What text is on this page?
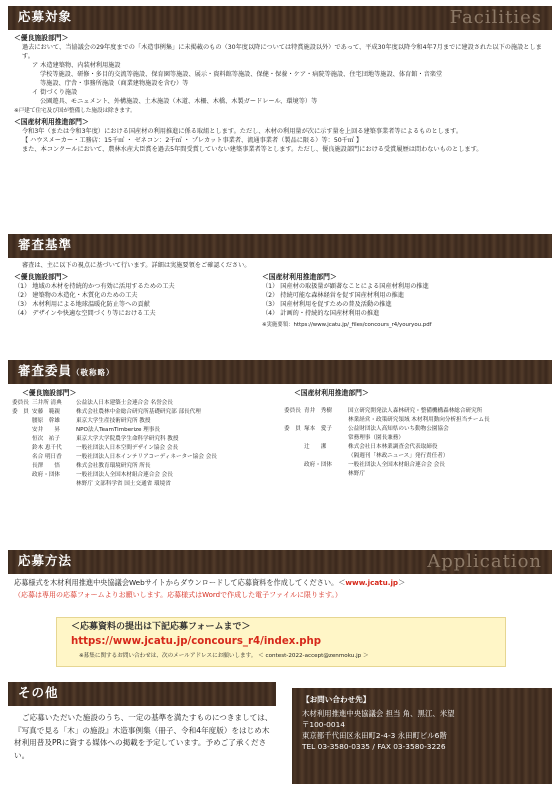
応募対象	Facilities
＜優良施設部門＞
過去において、当協議会の29年度までの「木造事例集」に未掲載のもの（30年度以降については特賞施設以外）であって、平成30年度以降令和4年7月までに建設された以下の施設とします。
ア 木造建築物、内装材利用施設
学校等施設、研修・多目的交流等施設、保育園等施設、展示・資料館等施設、保健・保養・ケア・病院等施設、住宅団地等施設、体育館・音楽堂
等施設、庁舎・事務所施設（商業建物施設を含む）等
イ 街づくり施設
公園遊具、モニュメント、外構施設、土木施設（木道、木柵、木橋、木製ガードレール、環境等）等
※戸建て住宅及び国が整備した施設は除きます。
＜国産材利用推進部門＞
令和3年（または令和3年度）における国産材の利用推進に係る取組とします。ただし、木材の利用量が次に示す量を上回る建築事業者等によるものとします。
【 ハウスメーカー・工務店：15千㎥ ・ ゼネコン：2千㎥ ・ プレカット事業者、流通事業者（製品に限る）等：50千㎥ 】
また、本コンクールにおいて、農林水産大臣賞を過去5年間受賞していない建築事業者等とします。ただし、優良施設部門における受賞履歴は問わないものとします。
審査基準
審査は、主に以下の視点に基づいて行います。詳細は実施要領をご確認ください。
＜優良施設部門＞
（1） 地域の木材を持続的かつ有効に活用するための工夫
（2） 建築物の木造化・木質化のための工夫
（3） 木材利用による地球温暖化防止等への貢献
（4） デザインや快適な空間づくり等における工夫
＜国産材利用推進部門＞
（1） 国産材の取扱量が顕著なことによる国産材利用の推進
（2） 持続可能な森林経営を促す国産材利用の推進
（3） 国産材利用を促すための普及活動の推進
（4） 計画的・持続的な国産材利用の推進
※実施要領：https://www.jcatu.jp/_files/concours_r4/youryou.pdf
審査委員（敬称略）
＜優良施設部門＞
委員長 三井所 清典	公益法人日本建築士会連合会 名誉会長
委　員 安藤　範親	株式会社農林中金総合研究所基礎研究部 部長代理
腰原　幹雄	東京大学生産技術研究所 教授
安井　　昇	NPO法人TeamTimberize 理事長
恒次　祐子	東京大学大学院農学生命科学研究科 教授
鈴木 恵千代	一般社団法人日本空間デザイン協会 会長
名合 明日香	一般社団法人日本インテリアコーディネーター協会 会長
長澤　　悟	株式会社教育環境研究所 所長
政府・団体	一般社団法人全国木材組合連合会 会長
林野庁 文部科学省 国土交通省 環境省
＜国産材利用推進部門＞
委員長 青井　秀樹	国立研究開発法人森林研究・整備機構森林総合研究所
林業経営・政策研究領域 木材利用動向分析担当チーム長
委　員 塚本　愛子	公益財団法人高知県のいち動物公園協会
常務理事（園長兼務）
辻　　潔	株式会社日本林業調査会代表取締役
（隔週刊「林政ニュース」発行責任者）
政府・団体	一般社団法人全国木材組合連合会 会長
林野庁
応募方法	Application
応募様式を木材利用推進中央協議会Webサイトからダウンロードして応募資料を作成してください。＜www.jcatu.jp＞
（応募は専用の応募フォームよりお願いします。応募様式はWordで作成した電子ファイルに限ります。）
＜応募資料の提出は下記応募フォームまで＞
https://www.jcatu.jp/concours_r4/index.php
※募集に関するお問い合わせは、次のメールアドレスにお願いします。 ＜ contest-2022-accept@zenmoku.jp ＞
その他
ご応募いただいた施設のうち、一定の基準を満たすものにつきましては、『写真で見る「木」の施設』木造事例集（冊子、令和4年度版）をはじめ木材利用普及PRに資する媒体への掲載を予定しています。予めご了承ください。
【お問い合わせ先】
木材利用推進中央協議会 担当 角、黒江、米望
〒100-0014
東京都千代田区永田町2-4-3 永田町ビル6階
TEL 03-3580-0335 / FAX 03-3580-3226
